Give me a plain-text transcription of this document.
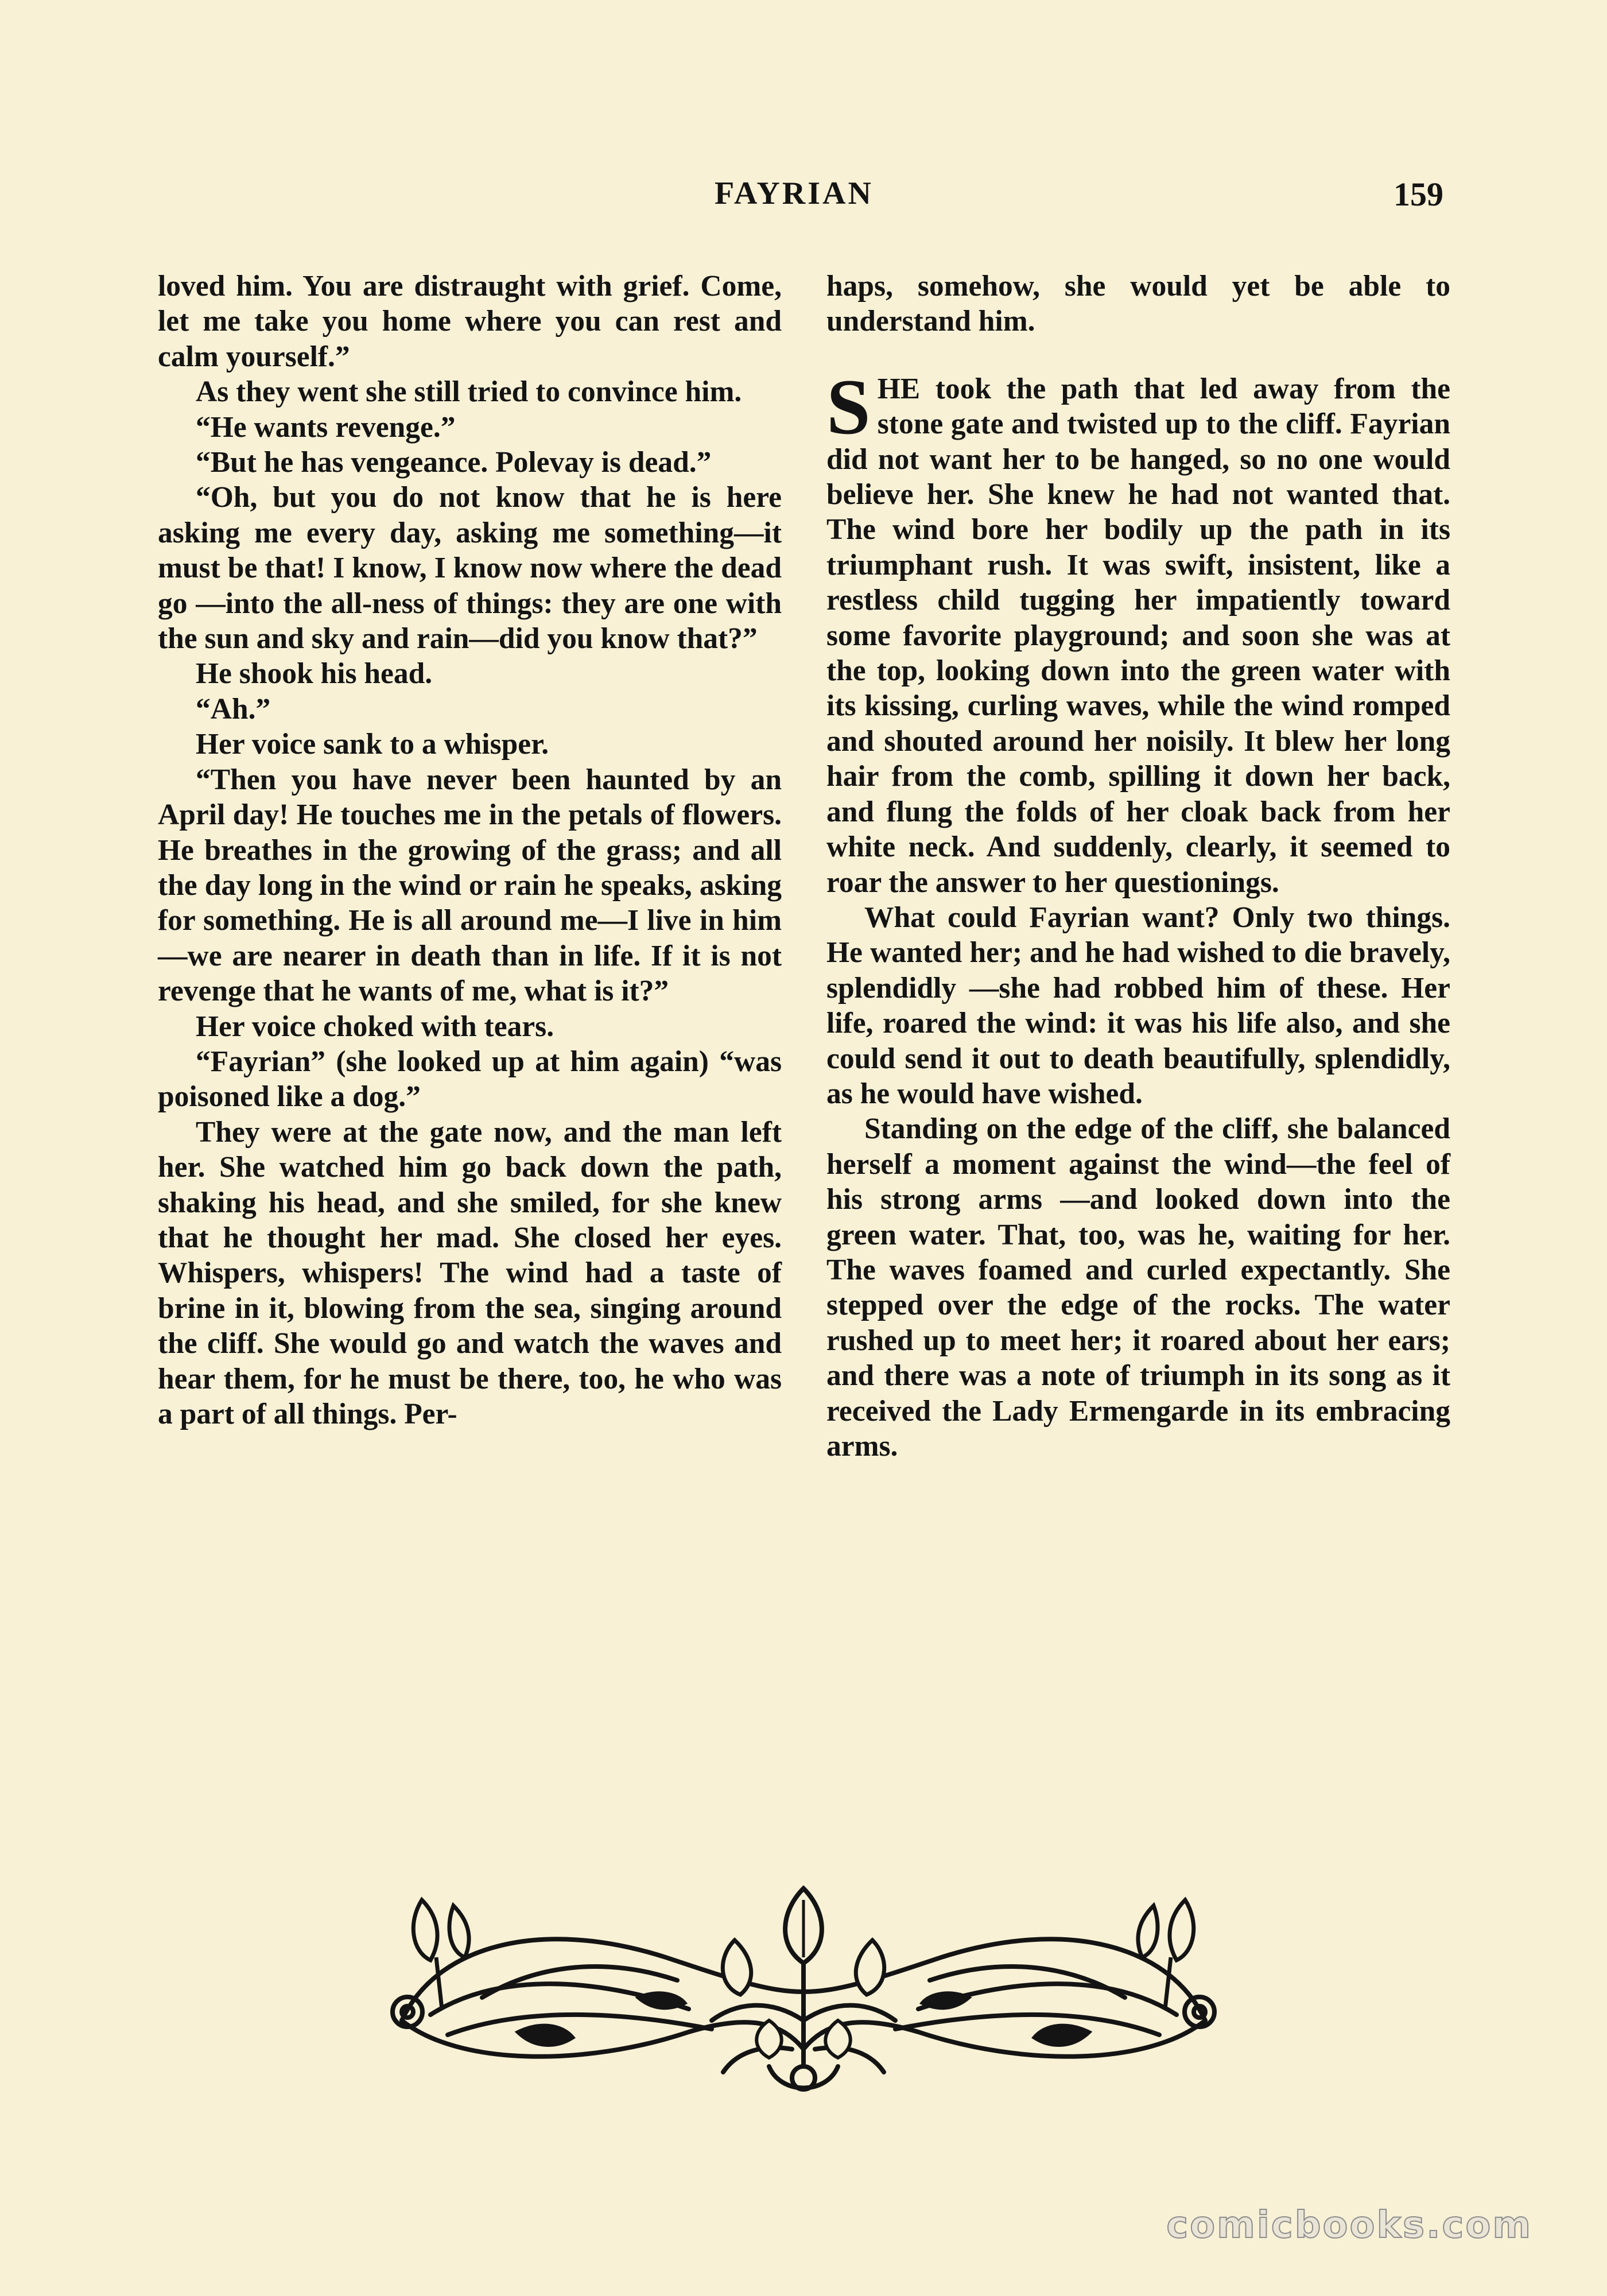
FAYRIAN	159

loved him. You are distraught with grief. Come, let me take you home where you can rest and calm yourself.”

As they went she still tried to convince him.

“He wants revenge.”

“But he has vengeance. Polevay is dead.”

“Oh, but you do not know that he is here asking me every day, asking me something—it must be that! I know, I know now where the dead go —into the all-ness of things: they are one with the sun and sky and rain—did you know that?”

He shook his head.

“Ah.”

Her voice sank to a whisper.

“Then you have never been haunted by an April day! He touches me in the petals of flowers. He breathes in the growing of the grass; and all the day long in the wind or rain he speaks, asking for something. He is all around me—I live in him—we are nearer in death than in life. If it is not revenge that he wants of me, what is it?”

Her voice choked with tears.

“Fayrian” (she looked up at him again) “was poisoned like a dog.”

They were at the gate now, and the man left her. She watched him go back down the path, shaking his head, and she smiled, for she knew that he thought her mad. She closed her eyes. Whispers, whispers! The wind had a taste of brine in it, blowing from the sea, singing around the cliff. She would go and watch the waves and hear them, for he must be there, too, he who was a part of all things. Per-

haps, somehow, she would yet be able to understand him.

SHE took the path that led away from the stone gate and twisted up to the cliff. Fayrian did not want her to be hanged, so no one would believe her. She knew he had not wanted that. The wind bore her bodily up the path in its triumphant rush. It was swift, insistent, like a restless child tugging her impatiently toward some favorite playground; and soon she was at the top, looking down into the green water with its kissing, curling waves, while the wind romped and shouted around her noisily. It blew her long hair from the comb, spilling it down her back, and flung the folds of her cloak back from her white neck. And suddenly, clearly, it seemed to roar the answer to her questionings.

What could Fayrian want? Only two things. He wanted her; and he had wished to die bravely, splendidly —she had robbed him of these. Her life, roared the wind: it was his life also, and she could send it out to death beautifully, splendidly, as he would have wished.

Standing on the edge of the cliff, she balanced herself a moment against the wind—the feel of his strong arms —and looked down into the green water. That, too, was he, waiting for her. The waves foamed and curled expectantly. She stepped over the edge of the rocks. The water rushed up to meet her; it roared about her ears; and there was a note of triumph in its song as it received the Lady Ermengarde in its embracing arms.

comicbooks.com
